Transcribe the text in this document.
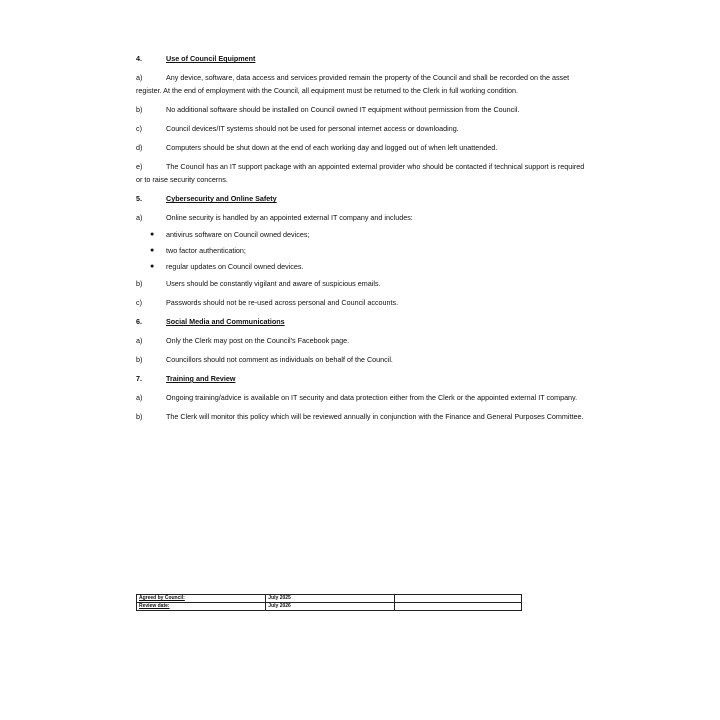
4.	Use of Council Equipment

a)	Any device, software, data access and services provided remain the property of the Council and shall be recorded on the asset register. At the end of employment with the Council, all equipment must be returned to the Clerk in full working condition.

b)	No additional software should be installed on Council owned IT equipment without permission from the Council.

c)	Council devices/IT systems should not be used for personal internet access or downloading.

d)	Computers should be shut down at the end of each working day and logged out of when left unattended.

e)	The Council has an IT support package with an appointed external provider who should be contacted if technical support is required or to raise security concerns.

5.	Cybersecurity and Online Safety

a)	Online security is handled by an appointed external IT company and includes:

● antivirus software on Council owned devices;
● two factor authentication;
● regular updates on Council owned devices.

b)	Users should be constantly vigilant and aware of suspicious emails.

c)	Passwords should not be re-used across personal and Council accounts.

6.	Social Media and Communications

a)	Only the Clerk may post on the Council's Facebook page.

b)	Councillors should not comment as individuals on behalf of the Council.

7.	Training and Review

a)	Ongoing training/advice is available on IT security and data protection either from the Clerk or the appointed external IT company.

b)	The Clerk will monitor this policy which will be reviewed annually in conjunction with the Finance and General Purposes Committee.

Agreed by Council:	July 2025	
Review date:	July 2026	
